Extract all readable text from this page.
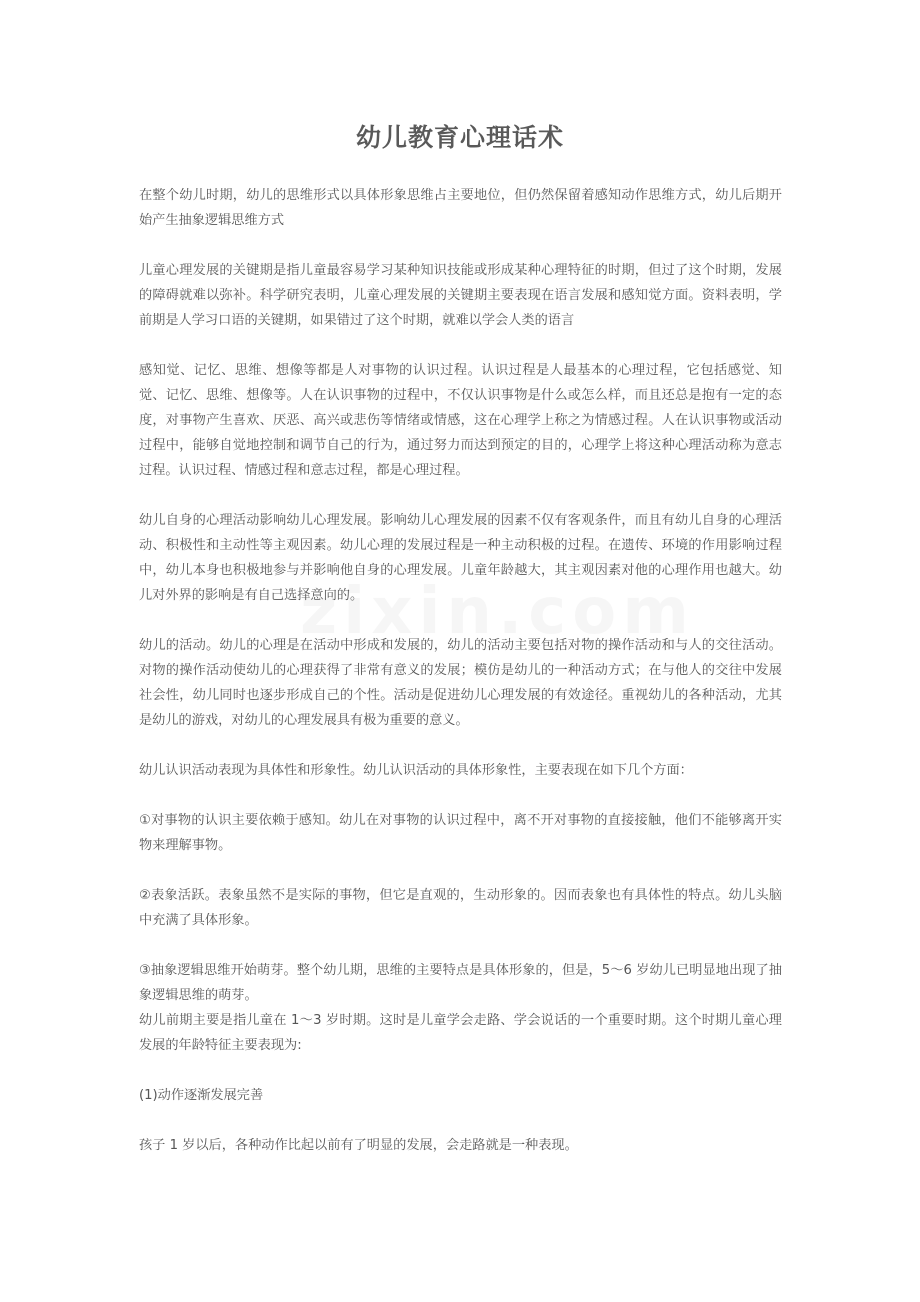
幼儿教育心理话术

在整个幼儿时期，幼儿的思维形式以具体形象思维占主要地位，但仍然保留着感知动作思维方式，幼儿后期开始产生抽象逻辑思维方式

儿童心理发展的关键期是指儿童最容易学习某种知识技能或形成某种心理特征的时期，但过了这个时期，发展的障碍就难以弥补。科学研究表明，儿童心理发展的关键期主要表现在语言发展和感知觉方面。资料表明，学前期是人学习口语的关键期，如果错过了这个时期，就难以学会人类的语言

感知觉、记忆、思维、想像等都是人对事物的认识过程。认识过程是人最基本的心理过程，它包括感觉、知觉、记忆、思维、想像等。人在认识事物的过程中，不仅认识事物是什么或怎么样，而且还总是抱有一定的态度，对事物产生喜欢、厌恶、高兴或悲伤等情绪或情感，这在心理学上称之为情感过程。人在认识事物或活动过程中，能够自觉地控制和调节自己的行为，通过努力而达到预定的目的，心理学上将这种心理活动称为意志过程。认识过程、情感过程和意志过程，都是心理过程。

幼儿自身的心理活动影响幼儿心理发展。影响幼儿心理发展的因素不仅有客观条件，而且有幼儿自身的心理活动、积极性和主动性等主观因素。幼儿心理的发展过程是一种主动积极的过程。在遗传、环境的作用影响过程中，幼儿本身也积极地参与并影响他自身的心理发展。儿童年龄越大，其主观因素对他的心理作用也越大。幼儿对外界的影响是有自己选择意向的。

幼儿的活动。幼儿的心理是在活动中形成和发展的，幼儿的活动主要包括对物的操作活动和与人的交往活动。对物的操作活动使幼儿的心理获得了非常有意义的发展；模仿是幼儿的一种活动方式；在与他人的交往中发展社会性，幼儿同时也逐步形成自己的个性。活动是促进幼儿心理发展的有效途径。重视幼儿的各种活动，尤其是幼儿的游戏，对幼儿的心理发展具有极为重要的意义。

幼儿认识活动表现为具体性和形象性。幼儿认识活动的具体形象性，主要表现在如下几个方面：

①对事物的认识主要依赖于感知。幼儿在对事物的认识过程中，离不开对事物的直接接触，他们不能够离开实物来理解事物。

②表象活跃。表象虽然不是实际的事物，但它是直观的，生动形象的。因而表象也有具体性的特点。幼儿头脑中充满了具体形象。

③抽象逻辑思维开始萌芽。整个幼儿期，思维的主要特点是具体形象的，但是，5～6 岁幼儿已明显地出现了抽象逻辑思维的萌芽。

幼儿前期主要是指儿童在 1～3 岁时期。这时是儿童学会走路、学会说话的一个重要时期。这个时期儿童心理发展的年龄特征主要表现为:

(1)动作逐渐发展完善

孩子 1 岁以后，各种动作比起以前有了明显的发展，会走路就是一种表现。
